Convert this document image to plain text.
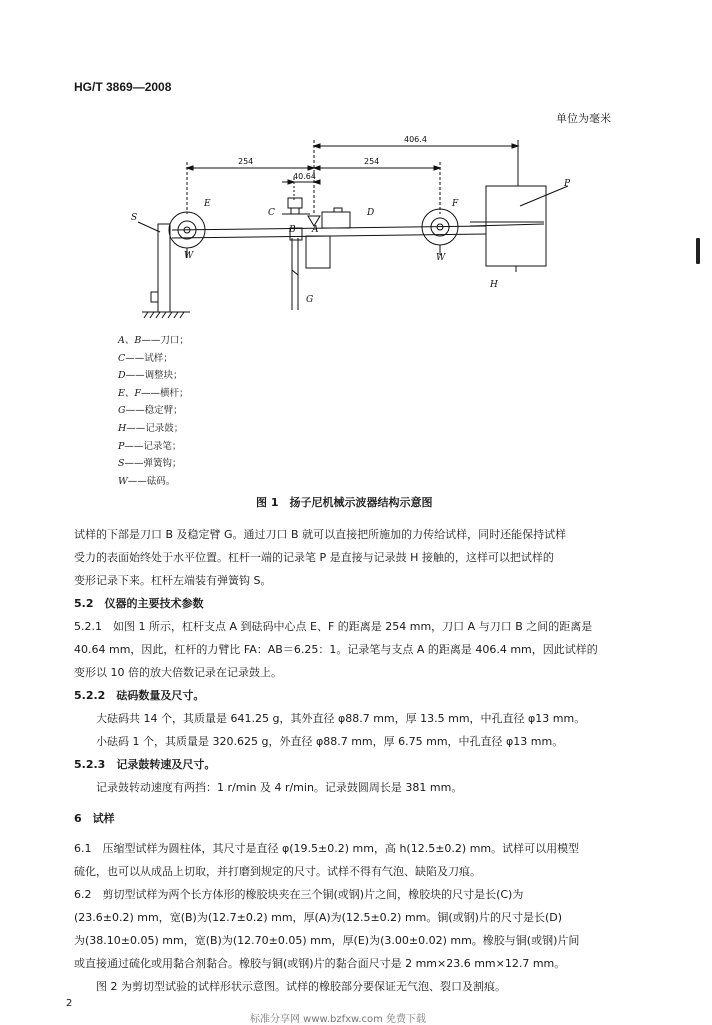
HG/T 3869—2008
单位为毫米
406.4
254	254
40.64
E
C	D
F
P
S
B A
W	W
H
G
A、B——刀口；
C——试样；
D——调整块；
E、F——横杆；
G——稳定臂；
H——记录鼓；
P——记录笔；
S——弹簧钩；
W——砝码。
图 1　扬子尼机械示波器结构示意图
试样的下部是刀口 B 及稳定臂 G。通过刀口 B 就可以直接把所施加的力传给试样，同时还能保持试样
受力的表面始终处于水平位置。杠杆一端的记录笔 P 是直接与记录鼓 H 接触的，这样可以把试样的
变形记录下来。杠杆左端装有弹簧钩 S。
5.2　仪器的主要技术参数
5.2.1　如图 1 所示，杠杆支点 A 到砝码中心点 E、F 的距离是 254 mm，刀口 A 与刀口 B 之间的距离是
40.64 mm，因此，杠杆的力臂比 FA：AB＝6.25：1。记录笔与支点 A 的距离是 406.4 mm，因此试样的
变形以 10 倍的放大倍数记录在记录鼓上。
5.2.2　砝码数量及尺寸。
大砝码共 14 个，其质量是 641.25 g，其外直径 φ88.7 mm，厚 13.5 mm，中孔直径 φ13 mm。
小砝码 1 个，其质量是 320.625 g，外直径 φ88.7 mm，厚 6.75 mm，中孔直径 φ13 mm。
5.2.3　记录鼓转速及尺寸。
记录鼓转动速度有两挡：1 r/min 及 4 r/min。记录鼓圆周长是 381 mm。
6　试样
6.1　压缩型试样为圆柱体，其尺寸是直径 φ(19.5±0.2) mm，高 h(12.5±0.2) mm。试样可以用模型
硫化，也可以从成品上切取，并打磨到规定的尺寸。试样不得有气泡、缺陷及刀痕。
6.2　剪切型试样为两个长方体形的橡胶块夹在三个铜(或钢)片之间，橡胶块的尺寸是长(C)为
(23.6±0.2) mm，宽(B)为(12.7±0.2) mm，厚(A)为(12.5±0.2) mm。铜(或钢)片的尺寸是长(D)
为(38.10±0.05) mm，宽(B)为(12.70±0.05) mm，厚(E)为(3.00±0.02) mm。橡胶与铜(或钢)片间
或直接通过硫化或用黏合剂黏合。橡胶与铜(或钢)片的黏合面尺寸是 2 mm×23.6 mm×12.7 mm。
图 2 为剪切型试验的试样形状示意图。试样的橡胶部分要保证无气泡、裂口及割痕。
2
标准分享网 www.bzfxw.com 免费下载
